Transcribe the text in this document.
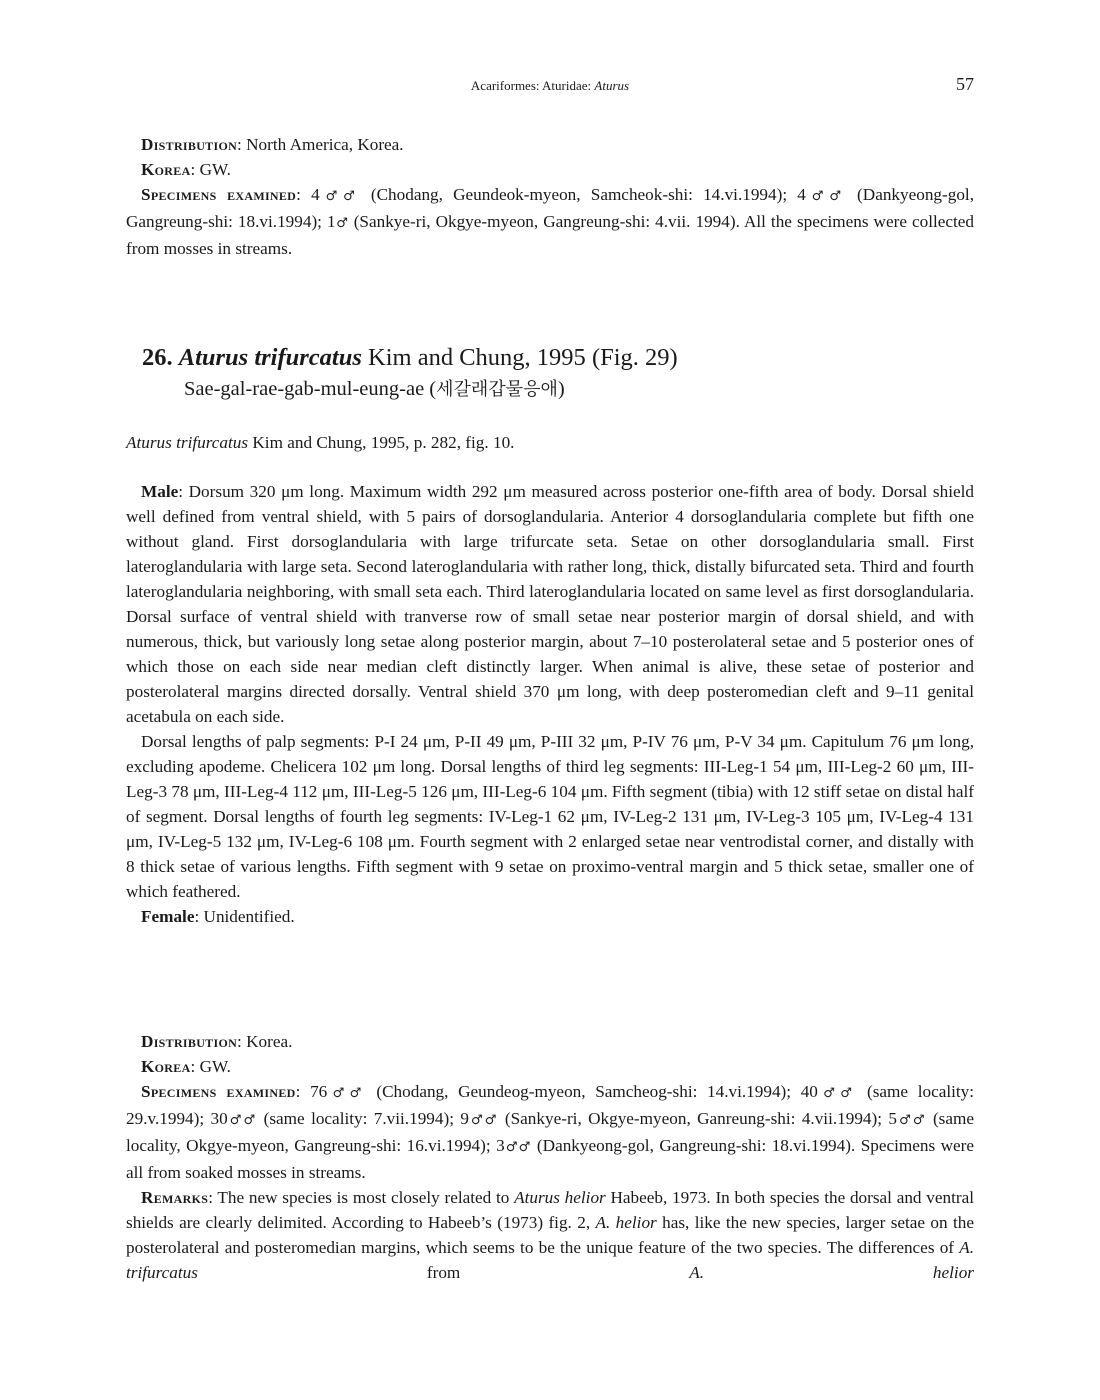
Acariformes: Aturidae: Aturus	57

Distribution: North America, Korea.

Korea: GW.

Specimens examined: 4♂♂ (Chodang, Geundeok-myeon, Samcheok-shi: 14.vi.1994); 4♂♂ (Dankyeong-gol, Gangreung-shi: 18.vi.1994); 1♂ (Sankye-ri, Okgye-myeon, Gangreung-shi: 4.vii. 1994). All the specimens were collected from mosses in streams.

26. Aturus trifurcatus Kim and Chung, 1995 (Fig. 29)
Sae-gal-rae-gab-mul-eung-ae (세갈래갑물응애)
Aturus trifurcatus Kim and Chung, 1995, p. 282, fig. 10.

Male: Dorsum 320 μm long. Maximum width 292 μm measured across posterior one-fifth area of body. Dorsal shield well defined from ventral shield, with 5 pairs of dorsoglandularia. Anterior 4 dorsoglandularia complete but fifth one without gland. First dorsoglandularia with large trifurcate seta. Setae on other dorsoglandularia small. First lateroglandularia with large seta. Second lateroglandularia with rather long, thick, distally bifurcated seta. Third and fourth lateroglandularia neighboring, with small seta each. Third lateroglandularia located on same level as first dorsoglandularia. Dorsal surface of ventral shield with tranverse row of small setae near posterior margin of dorsal shield, and with numerous, thick, but variously long setae along posterior margin, about 7–10 posterolateral setae and 5 posterior ones of which those on each side near median cleft distinctly larger. When animal is alive, these setae of posterior and posterolateral margins directed dorsally. Ventral shield 370 μm long, with deep posteromedian cleft and 9–11 genital acetabula on each side.

Dorsal lengths of palp segments: P-I 24 μm, P-II 49 μm, P-III 32 μm, P-IV 76 μm, P-V 34 μm. Capitulum 76 μm long, excluding apodeme. Chelicera 102 μm long. Dorsal lengths of third leg segments: III-Leg-1 54 μm, III-Leg-2 60 μm, III-Leg-3 78 μm, III-Leg-4 112 μm, III-Leg-5 126 μm, III-Leg-6 104 μm. Fifth segment (tibia) with 12 stiff setae on distal half of segment. Dorsal lengths of fourth leg segments: IV-Leg-1 62 μm, IV-Leg-2 131 μm, IV-Leg-3 105 μm, IV-Leg-4 131 μm, IV-Leg-5 132 μm, IV-Leg-6 108 μm. Fourth segment with 2 enlarged setae near ventrodistal corner, and distally with 8 thick setae of various lengths. Fifth segment with 9 setae on proximo-ventral margin and 5 thick setae, smaller one of which feathered.

Female: Unidentified.

Distribution: Korea.

Korea: GW.

Specimens examined: 76♂♂ (Chodang, Geundeog-myeon, Samcheog-shi: 14.vi.1994); 40♂♂ (same locality: 29.v.1994); 30♂♂ (same locality: 7.vii.1994); 9♂♂ (Sankye-ri, Okgye-myeon, Ganreung-shi: 4.vii.1994); 5♂♂ (same locality, Okgye-myeon, Gangreung-shi: 16.vi.1994); 3♂♂ (Dankyeong-gol, Gangreung-shi: 18.vi.1994). Specimens were all from soaked mosses in streams.

Remarks: The new species is most closely related to Aturus helior Habeeb, 1973. In both species the dorsal and ventral shields are clearly delimited. According to Habeeb’s (1973) fig. 2, A. helior has, like the new species, larger setae on the posterolateral and posteromedian margins, which seems to be the unique feature of the two species. The differences of A. trifurcatus from A. helior
